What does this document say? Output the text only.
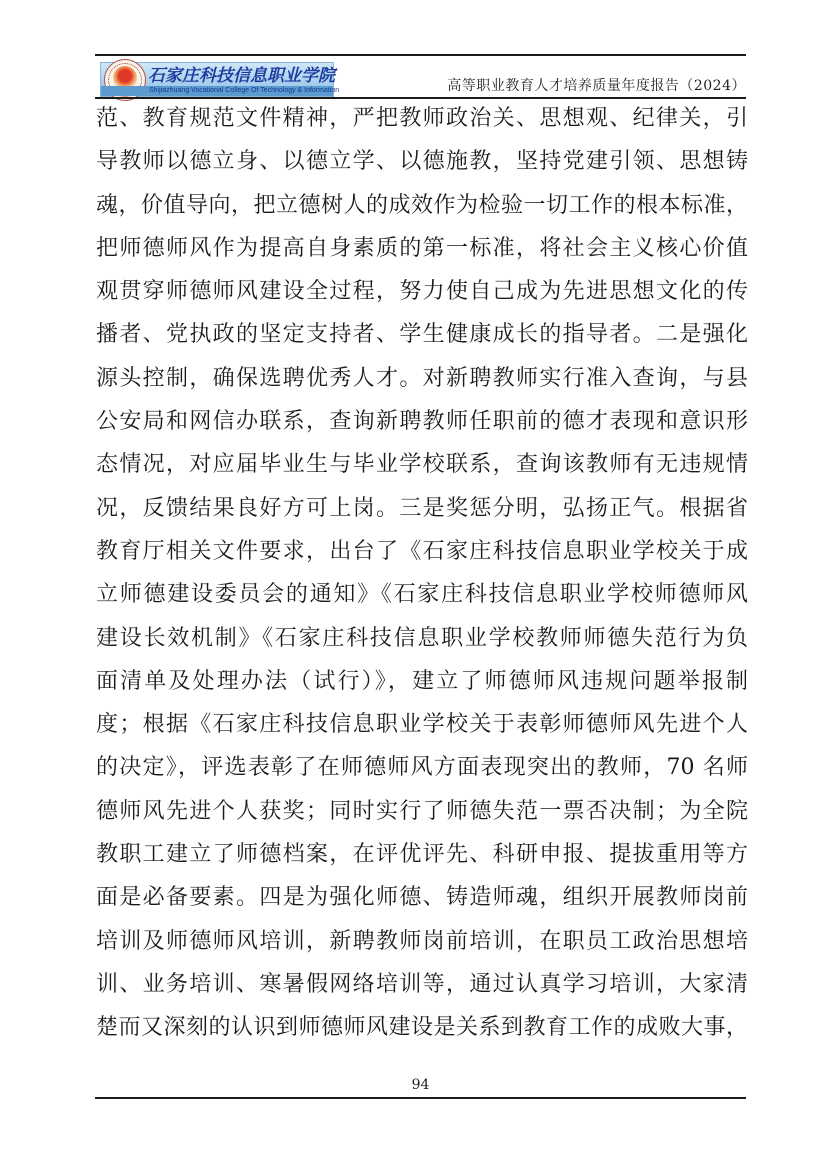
石家庄科技信息职业学院
Shijiazhuang Vocational College Of Technology & Information	高等职业教育人才培养质量年度报告（2024）
范、教育规范文件精神，严把教师政治关、思想观、纪律关，引
导教师以德立身、以德立学、以德施教，坚持党建引领、思想铸
魂，价值导向，把立德树人的成效作为检验一切工作的根本标准，
把师德师风作为提高自身素质的第一标准，将社会主义核心价值
观贯穿师德师风建设全过程，努力使自己成为先进思想文化的传
播者、党执政的坚定支持者、学生健康成长的指导者。二是强化
源头控制，确保选聘优秀人才。对新聘教师实行准入查询，与县
公安局和网信办联系，查询新聘教师任职前的德才表现和意识形
态情况，对应届毕业生与毕业学校联系，查询该教师有无违规情
况，反馈结果良好方可上岗。三是奖惩分明，弘扬正气。根据省
教育厅相关文件要求，出台了《石家庄科技信息职业学校关于成
立师德建设委员会的通知》《石家庄科技信息职业学校师德师风
建设长效机制》《石家庄科技信息职业学校教师师德失范行为负
面清单及处理办法（试行）》，建立了师德师风违规问题举报制
度；根据《石家庄科技信息职业学校关于表彰师德师风先进个人
的决定》，评选表彰了在师德师风方面表现突出的教师，70 名师
德师风先进个人获奖；同时实行了师德失范一票否决制；为全院
教职工建立了师德档案，在评优评先、科研申报、提拔重用等方
面是必备要素。四是为强化师德、铸造师魂，组织开展教师岗前
培训及师德师风培训，新聘教师岗前培训，在职员工政治思想培
训、业务培训、寒暑假网络培训等，通过认真学习培训，大家清
楚而又深刻的认识到师德师风建设是关系到教育工作的成败大事，
94
